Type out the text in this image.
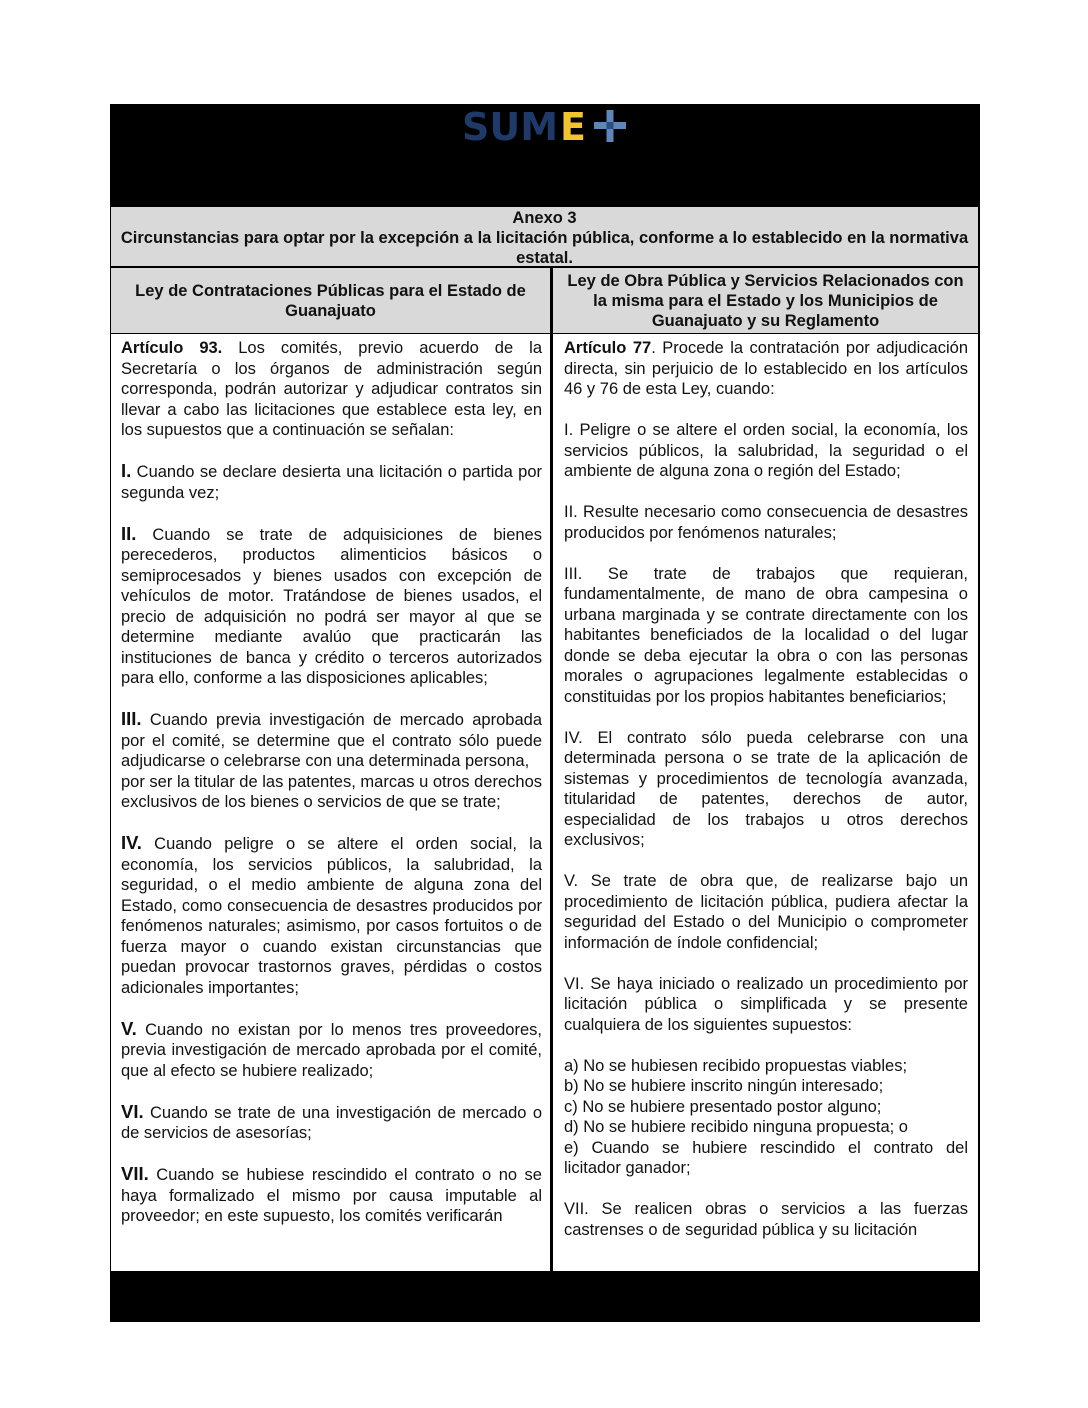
SUM E
Anexo 3
Circunstancias para optar por la excepción a la licitación pública, conforme a lo establecido en la normativa estatal.
Ley de Contrataciones Públicas para el Estado de Guanajuato
Ley de Obra Pública y Servicios Relacionados con la misma para el Estado y los Municipios de Guanajuato y su Reglamento

Artículo 93. Los comités, previo acuerdo de la Secretaría o los órganos de administración según corresponda, podrán autorizar y adjudicar contratos sin llevar a cabo las licitaciones que establece esta ley, en los supuestos que a continuación se señalan:

I. Cuando se declare desierta una licitación o partida por segunda vez;

II. Cuando se trate de adquisiciones de bienes perecederos, productos alimenticios básicos o semiprocesados y bienes usados con excepción de vehículos de motor. Tratándose de bienes usados, el precio de adquisición no podrá ser mayor al que se determine mediante avalúo que practicarán las instituciones de banca y crédito o terceros autorizados para ello, conforme a las disposiciones aplicables;

III. Cuando previa investigación de mercado aprobada por el comité, se determine que el contrato sólo puede adjudicarse o celebrarse con una determinada persona,
por ser la titular de las patentes, marcas u otros derechos exclusivos de los bienes o servicios de que se trate;

IV. Cuando peligre o se altere el orden social, la economía, los servicios públicos, la salubridad, la seguridad, o el medio ambiente de alguna zona del Estado, como consecuencia de desastres producidos por fenómenos naturales; asimismo, por casos fortuitos o de fuerza mayor o cuando existan circunstancias que puedan provocar trastornos graves, pérdidas o costos adicionales importantes;

V. Cuando no existan por lo menos tres proveedores, previa investigación de mercado aprobada por el comité, que al efecto se hubiere realizado;

VI. Cuando se trate de una investigación de mercado o de servicios de asesorías;

VII. Cuando se hubiese rescindido el contrato o no se haya formalizado el mismo por causa imputable al proveedor; en este supuesto, los comités verificarán

Artículo 77. Procede la contratación por adjudicación directa, sin perjuicio de lo establecido en los artículos 46 y 76 de esta Ley, cuando:

I. Peligre o se altere el orden social, la economía, los servicios públicos, la salubridad, la seguridad o el ambiente de alguna zona o región del Estado;

II. Resulte necesario como consecuencia de desastres producidos por fenómenos naturales;

III. Se trate de trabajos que requieran, fundamentalmente, de mano de obra campesina o urbana marginada y se contrate directamente con los habitantes beneficiados de la localidad o del lugar donde se deba ejecutar la obra o con las personas morales o agrupaciones legalmente establecidas o constituidas por los propios habitantes beneficiarios;

IV. El contrato sólo pueda celebrarse con una determinada persona o se trate de la aplicación de sistemas y procedimientos de tecnología avanzada, titularidad de patentes, derechos de autor, especialidad de los trabajos u otros derechos exclusivos;

V. Se trate de obra que, de realizarse bajo un procedimiento de licitación pública, pudiera afectar la seguridad del Estado o del Municipio o comprometer información de índole confidencial;

VI. Se haya iniciado o realizado un procedimiento por licitación pública o simplificada y se presente cualquiera de los siguientes supuestos:

a) No se hubiesen recibido propuestas viables;

b) No se hubiere inscrito ningún interesado;

c) No se hubiere presentado postor alguno;

d) No se hubiere recibido ninguna propuesta; o

e) Cuando se hubiere rescindido el contrato del licitador ganador;

VII. Se realicen obras o servicios a las fuerzas castrenses o de seguridad pública y su licitación
